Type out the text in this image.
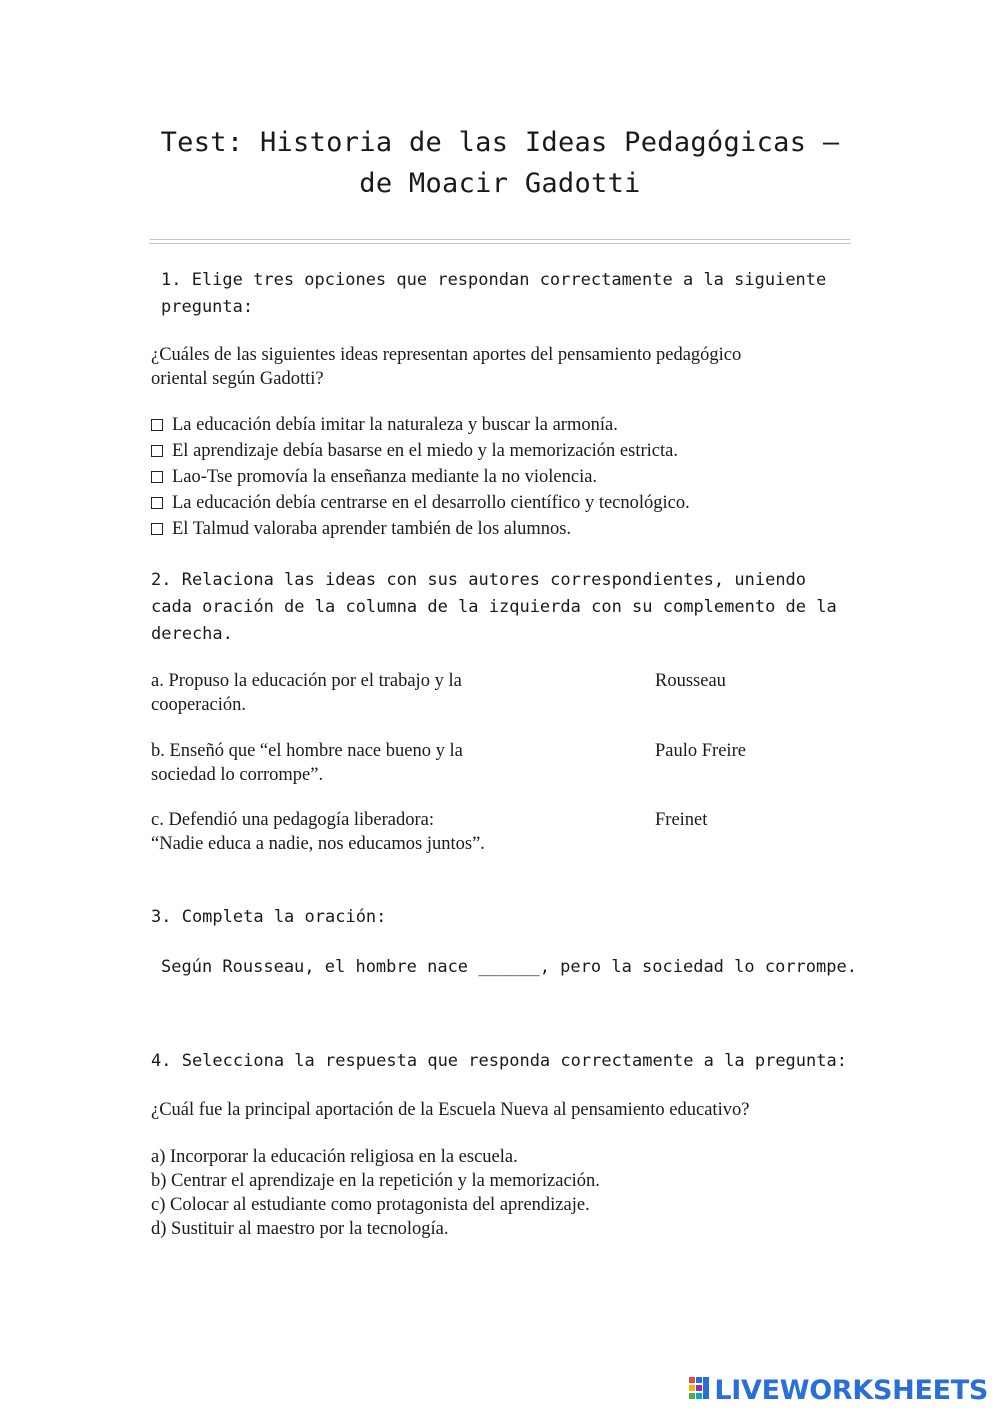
Test: Historia de las Ideas Pedagógicas –
de Moacir Gadotti
1. Elige tres opciones que respondan correctamente a la siguiente
pregunta:
¿Cuáles de las siguientes ideas representan aportes del pensamiento pedagógico
oriental según Gadotti?
La educación debía imitar la naturaleza y buscar la armonía.
El aprendizaje debía basarse en el miedo y la memorización estricta.
Lao-Tse promovía la enseñanza mediante la no violencia.
La educación debía centrarse en el desarrollo científico y tecnológico.
El Talmud valoraba aprender también de los alumnos.
2. Relaciona las ideas con sus autores correspondientes, uniendo
cada oración de la columna de la izquierda con su complemento de la
derecha.
a. Propuso la educación por el trabajo y la
cooperación.
Rousseau
b. Enseñó que “el hombre nace bueno y la
sociedad lo corrompe”.
Paulo Freire
c. Defendió una pedagogía liberadora:
“Nadie educa a nadie, nos educamos juntos”.
Freinet
3. Completa la oración:
Según Rousseau, el hombre nace ______, pero la sociedad lo corrompe.
4. Selecciona la respuesta que responda correctamente a la pregunta:
¿Cuál fue la principal aportación de la Escuela Nueva al pensamiento educativo?
a) Incorporar la educación religiosa en la escuela.
b) Centrar el aprendizaje en la repetición y la memorización.
c) Colocar al estudiante como protagonista del aprendizaje.
d) Sustituir al maestro por la tecnología.
LIVEWORKSHEETS
